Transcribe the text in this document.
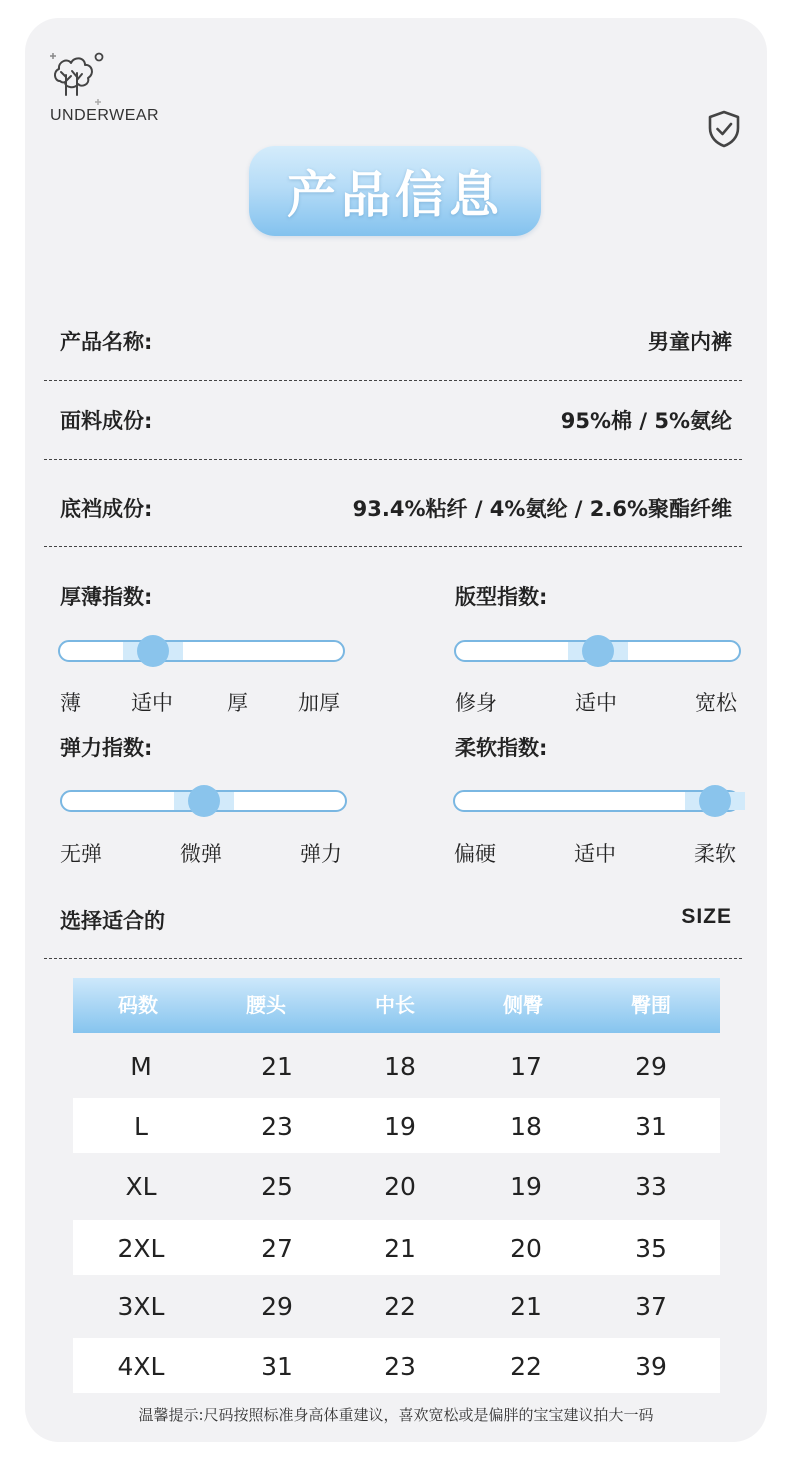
UNDERWEAR
产品信息
产品名称:	男童内裤
面料成份:	95%棉 / 5%氨纶
底裆成份:	93.4%粘纤 / 4%氨纶 / 2.6%聚酯纤维
厚薄指数:
薄 适中	厚 加厚
版型指数:
修身	适中	宽松
弹力指数:
无弹	微弹	弹力
柔软指数:
偏硬	适中	柔软
选择适合的	SIZE
码数	腰头	中长	侧臀	臀围
M	21	18	17	29
L	23	19	18	31
XL	25	20	19	33
2XL	27	21	20	35
3XL	29	22	21	37
4XL	31	23	22	39
温馨提示:尺码按照标准身高体重建议，喜欢宽松或是偏胖的宝宝建议拍大一码
